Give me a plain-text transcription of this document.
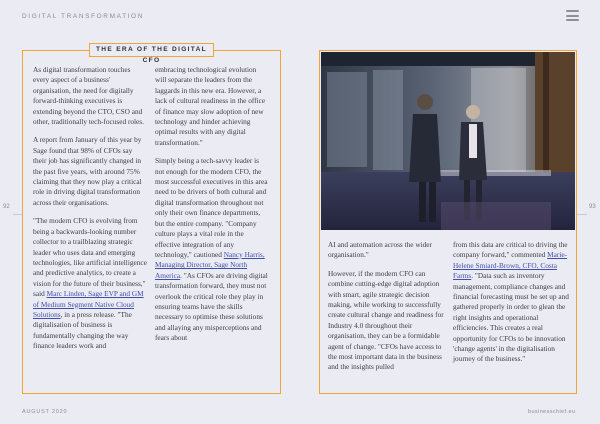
DIGITAL TRANSFORMATION
92	93
THE ERA OF THE DIGITAL CFO

As digital transformation touches every aspect of a business' organisation, the need for digitally forward-thinking executives is extending beyond the CTO, CSO and other, traditionally tech-focused roles.

A report from January of this year by Sage found that 98% of CFOs say their job has significantly changed in the past five years, with around 75% claiming that they now play a critical role in driving digital transformation across their organisations.

"The modern CFO is evolving from being a backwards-looking number collector to a trailblazing strategic leader who uses data and emerging technologies, like artificial intelligence and predictive analytics, to create a vision for the future of their business," said Marc Linden, Sage EVP and GM of Medium Segment Native Cloud Solutions, in a press release. "The digitalisation of business is fundamentally changing the way finance leaders work and

embracing technological evolution will separate the leaders from the laggards in this new era. However, a lack of cultural readiness in the office of finance may slow adoption of new technology and hinder achieving optimal results with any digital transformation."

Simply being a tech-savvy leader is not enough for the modern CFO, the most successful executives in this area need to be drivers of both cultural and digital transformation throughout not only their own finance departments, but the entire company. "Company culture plays a vital role in the effective integration of any technology," cautioned Nancy Harris, Managing Director, Sage North America. "As CFOs are driving digital transformation forward, they must not overlook the critical role they play in ensuring teams have the skills necessary to optimise these solutions and allaying any misperceptions and fears about

AI and automation across the wider organisation."

However, if the modern CFO can combine cutting-edge digital adoption with smart, agile strategic decision making, while working to successfully create cultural change and readiness for Industry 4.0 throughout their organisation, they can be a formidable agent of change. "CFOs have access to the most important data in the business and the insights pulled

from this data are critical to driving the company forward," commented Marie-Helene Smiard-Brown, CFO, Costa Farms. "Data such as inventory management, compliance changes and financial forecasting must be set up and gathered properly in order to glean the right insights and operational efficiencies. This creates a real opportunity for CFOs to be innovation 'change agents' in the digitalisation journey of the business."

AUGUST 2020	businesschief.eu
